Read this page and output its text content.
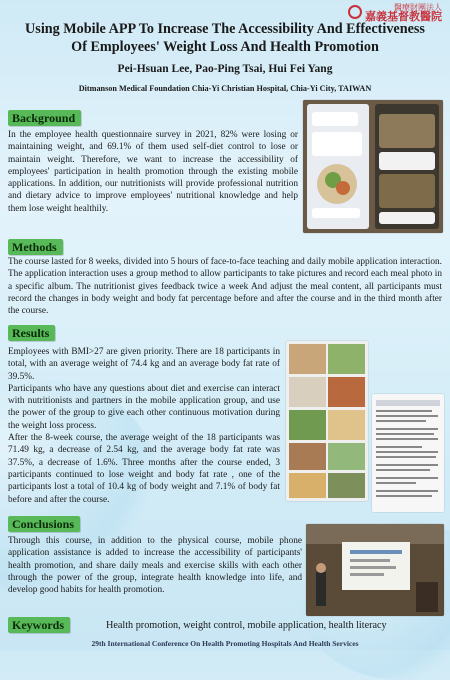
醫療財團法人
嘉義基督教醫院
Using Mobile APP To Increase The Accessibility And Effectiveness
Of Employees' Weight Loss And Health Promotion
Pei-Hsuan Lee, Pao-Ping Tsai, Hui Fei Yang
Ditmanson Medical Foundation Chia-Yi Christian Hospital, Chia-Yi City, TAIWAN
Background

In the employee health questionnaire survey in 2021, 82% were losing or maintaining weight, and 69.1% of them used self-diet control to lose or maintain weight. Therefore, we want to increase the accessibility of employees' participation in health promotion through the existing mobile applications. In addition, our nutritionists will provide professional nutrition and dietary advice to improve employees' nutritional knowledge and help them lose weight healthily.

Methods

The course lasted for 8 weeks, divided into 5 hours of face-to-face teaching and daily mobile application interaction. The application interaction uses a group method to allow participants to take pictures and record each meal photo in a specific album. The nutritionist gives feedback twice a week And adjust the meal content, all participants must record the changes in body weight and body fat percentage before and after the course and in the third month after the course.

Results

Employees with BMI>27 are given priority. There are 18 participants in total, with an average weight of 74.4 kg and an average body fat rate of 39.5%.

Participants who have any questions about diet and exercise can interact with nutritionists and partners in the mobile application group, and use the power of the group to give each other continuous motivation during the weight loss process.

After the 8-week course, the average weight of the 18 participants was 71.49 kg, a decrease of 2.54 kg, and the average body fat rate was 37.5%, a decrease of 1.6%. Three months after the course ended, 3 participants continued to lose weight and body fat rate , one of the participants lost a total of 10.4 kg of body weight and 7.1% of body fat before and after the course.

Conclusions

Through this course, in addition to the physical course, mobile phone application assistance is added to increase the accessibility of participants' health promotion, and share daily meals and exercise skills with each other through the power of the group, integrate health knowledge into life, and develop good habits for health promotion.

Keywords	Health promotion, weight control, mobile application, health literacy
29th International Conference On Health Promoting Hospitals And Health Services
